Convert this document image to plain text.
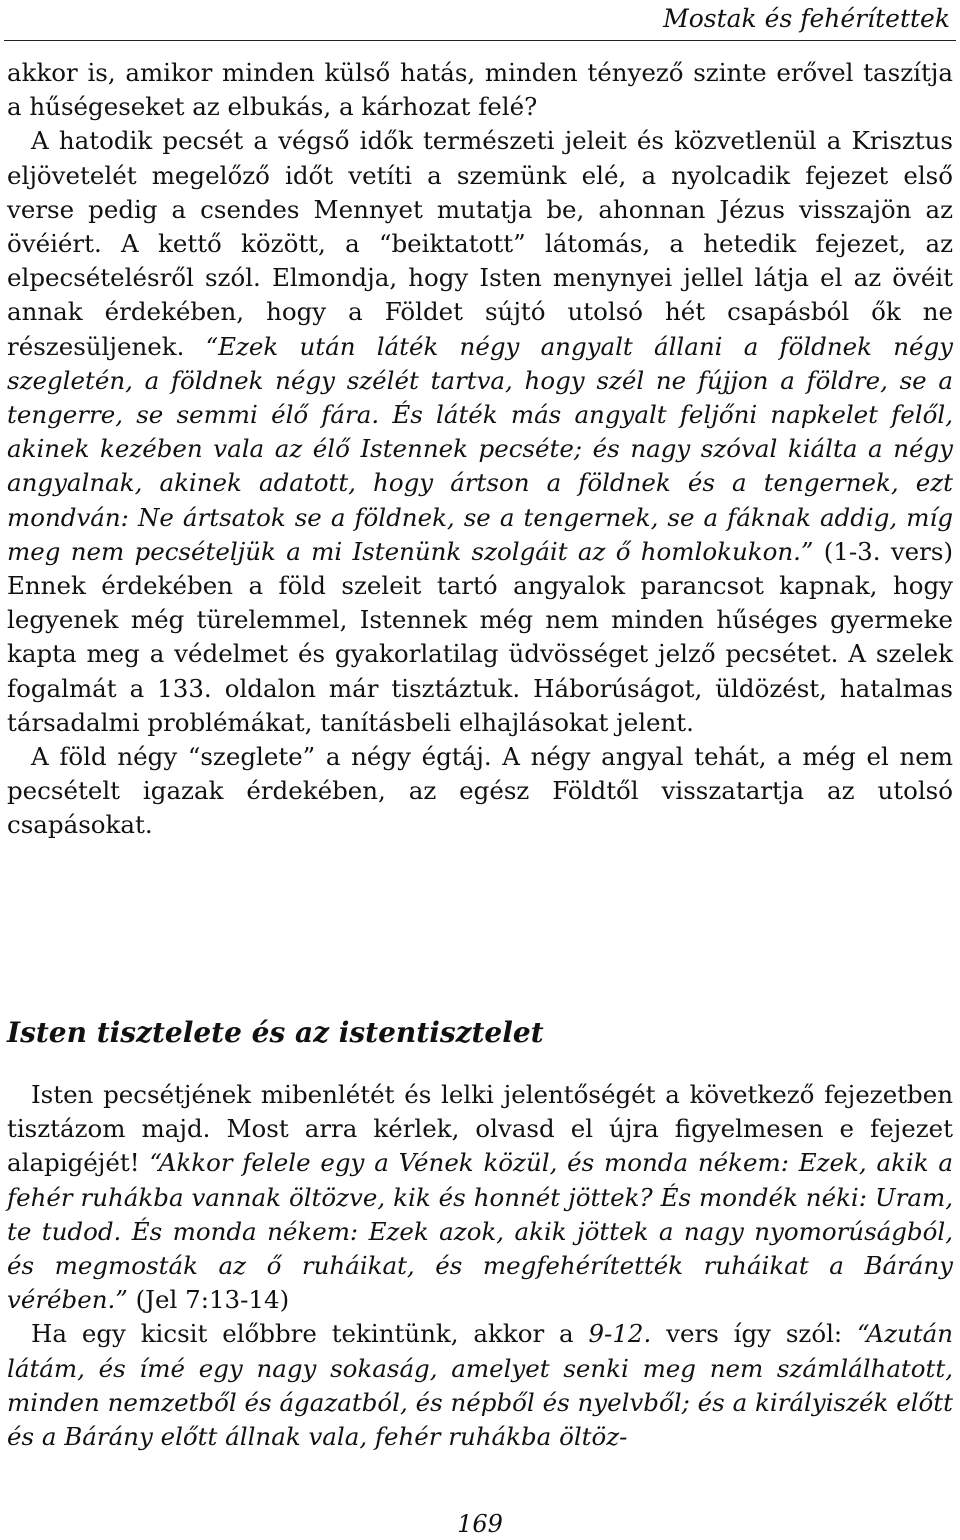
Mostak és fehérítettek

akkor is, amikor minden külső hatás, minden tényező szinte erővel taszítja a hűségeseket az elbukás, a kárhozat felé?

A hatodik pecsét a végső idők természeti jeleit és közvetlenül a Krisztus eljövetelét megelőző időt vetíti a szemünk elé, a nyolcadik fejezet első verse pedig a csendes Mennyet mutatja be, ahonnan Jézus visszajön az övéiért. A kettő között, a “beiktatott” látomás, a hetedik fejezet, az elpecsételésről szól. Elmondja, hogy Isten menynyei jellel látja el az övéit annak érdekében, hogy a Földet sújtó utolsó hét csapásból ők ne részesüljenek. “Ezek után láték négy angyalt állani a földnek négy szegletén, a földnek négy szélét tartva, hogy szél ne fújjon a földre, se a tengerre, se semmi élő fára. És láték más angyalt feljőni napkelet felől, akinek kezében vala az élő Istennek pecséte; és nagy szóval kiálta a négy angyalnak, akinek adatott, hogy ártson a földnek és a tengernek, ezt mondván: Ne ártsatok se a földnek, se a tengernek, se a fáknak addig, míg meg nem pecsételjük a mi Istenünk szolgáit az ő homlokukon.” (1-3. vers) Ennek érdekében a föld szeleit tartó angyalok parancsot kapnak, hogy legyenek még türelemmel, Istennek még nem minden hűséges gyermeke kapta meg a védelmet és gyakorlatilag üdvösséget jelző pecsétet. A szelek fogalmát a 133. oldalon már tisztáztuk. Háborúságot, üldözést, hatalmas társadalmi problémákat, tanításbeli elhajlásokat jelent.

A föld négy “szeglete” a négy égtáj. A négy angyal tehát, a még el nem pecsételt igazak érdekében, az egész Földtől visszatartja az utolsó csapásokat.

Isten tisztelete és az istentisztelet

Isten pecsétjének mibenlétét és lelki jelentőségét a következő fejezetben tisztázom majd. Most arra kérlek, olvasd el újra figyelmesen e fejezet alapigéjét! “Akkor felele egy a Vének közül, és monda nékem: Ezek, akik a fehér ruhákba vannak öltözve, kik és honnét jöttek? És mondék néki: Uram, te tudod. És monda nékem: Ezek azok, akik jöttek a nagy nyomorúságból, és megmosták az ő ruháikat, és megfehérítették ruháikat a Bárány vérében.” (Jel 7:13-14)

Ha egy kicsit előbbre tekintünk, akkor a 9-12. vers így szól: “Azután látám, és ímé egy nagy sokaság, amelyet senki meg nem számlálhatott, minden nemzetből és ágazatból, és népből és nyelvből; és a királyiszék előtt és a Bárány előtt állnak vala, fehér ruhákba öltöz-

169
